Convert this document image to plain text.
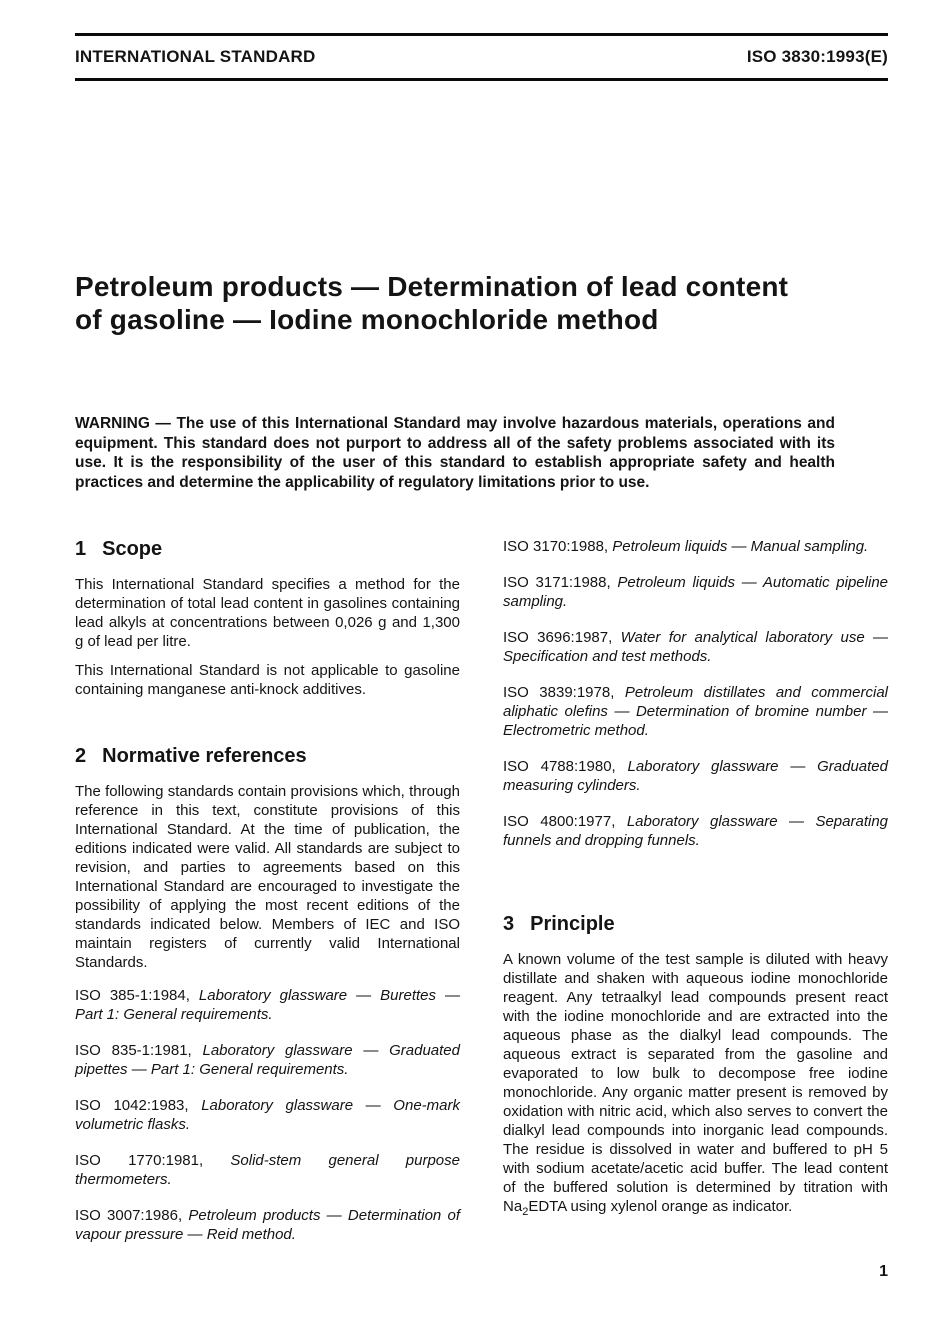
INTERNATIONAL STANDARD	ISO 3830:1993(E)
Petroleum products — Determination of lead content
of gasoline — Iodine monochloride method
WARNING — The use of this International Standard may involve hazardous materials, operations and equipment. This standard does not purport to address all of the safety problems associated with its use. It is the responsibility of the user of this standard to establish appropriate safety and health practices and determine the applicability of regulatory limitations prior to use.
1 Scope

This International Standard specifies a method for the determination of total lead content in gasolines containing lead alkyls at concentrations between 0,026 g and 1,300 g of lead per litre.

This International Standard is not applicable to gasoline containing manganese anti-knock additives.

2 Normative references

The following standards contain provisions which, through reference in this text, constitute provisions of this International Standard. At the time of publication, the editions indicated were valid. All standards are subject to revision, and parties to agreements based on this International Standard are encouraged to investigate the possibility of applying the most recent editions of the standards indicated below. Members of IEC and ISO maintain registers of currently valid International Standards.

ISO 385-1:1984, Laboratory glassware — Burettes — Part 1: General requirements.

ISO 835-1:1981, Laboratory glassware — Graduated pipettes — Part 1: General requirements.

ISO 1042:1983, Laboratory glassware — One-mark volumetric flasks.

ISO 1770:1981, Solid-stem general purpose thermometers.

ISO 3007:1986, Petroleum products — Determination of vapour pressure — Reid method.

ISO 3170:1988, Petroleum liquids — Manual sampling.

ISO 3171:1988, Petroleum liquids — Automatic pipeline sampling.

ISO 3696:1987, Water for analytical laboratory use — Specification and test methods.

ISO 3839:1978, Petroleum distillates and commercial aliphatic olefins — Determination of bromine number — Electrometric method.

ISO 4788:1980, Laboratory glassware — Graduated measuring cylinders.

ISO 4800:1977, Laboratory glassware — Separating funnels and dropping funnels.

3 Principle

A known volume of the test sample is diluted with heavy distillate and shaken with aqueous iodine monochloride reagent. Any tetraalkyl lead compounds present react with the iodine monochloride and are extracted into the aqueous phase as the dialkyl lead compounds. The aqueous extract is separated from the gasoline and evaporated to low bulk to decompose free iodine monochloride. Any organic matter present is removed by oxidation with nitric acid, which also serves to convert the dialkyl lead compounds into inorganic lead compounds. The residue is dissolved in water and buffered to pH 5 with sodium acetate/acetic acid buffer. The lead content of the buffered solution is determined by titration with $Na_2EDTA$ using xylenol orange as indicator.

1
